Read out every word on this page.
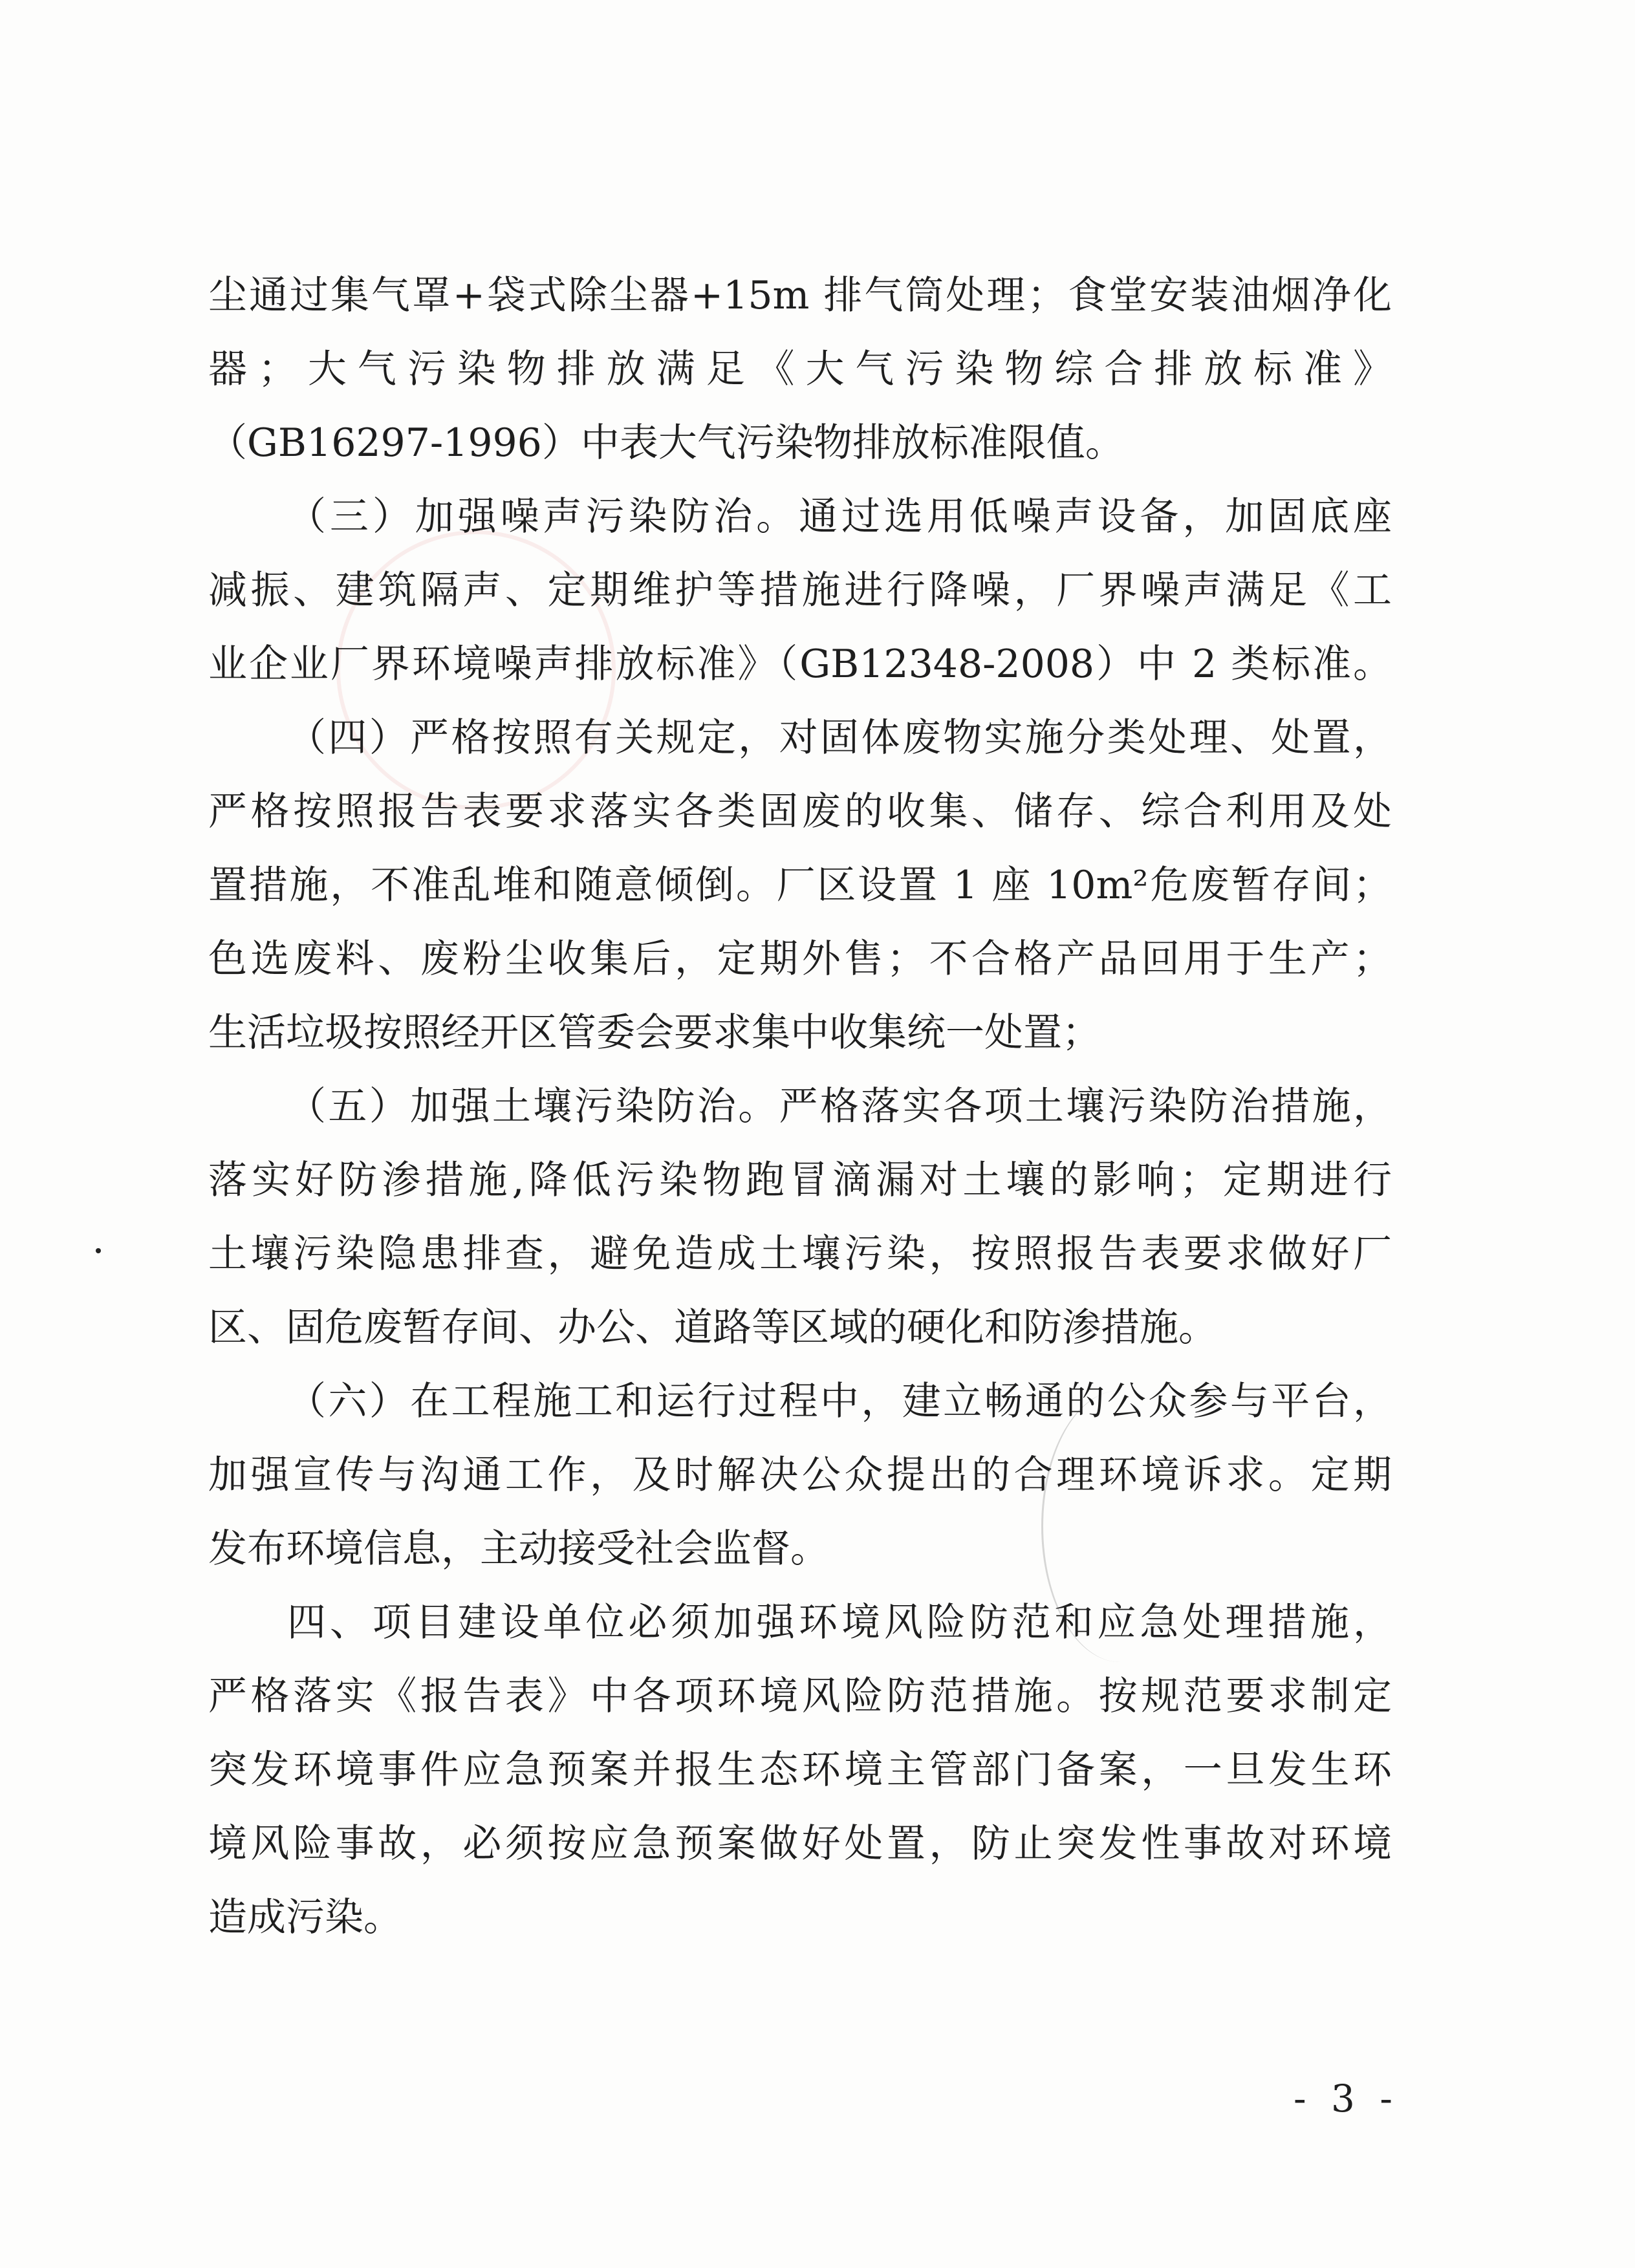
尘通过集气罩+袋式除尘器+15m 排气筒处理；食堂安装油烟净化
器；大气污染物排放满足《大气污染物综合排放标准》
（GB16297-1996）中表大气污染物排放标准限值。
（三）加强噪声污染防治。通过选用低噪声设备，加固底座
减振、建筑隔声、定期维护等措施进行降噪，厂界噪声满足《工
业企业厂界环境噪声排放标准》（GB12348-2008）中 2 类标准。
（四）严格按照有关规定，对固体废物实施分类处理、处置，
严格按照报告表要求落实各类固废的收集、储存、综合利用及处
置措施，不准乱堆和随意倾倒。厂区设置 1 座 10m²危废暂存间；
色选废料、废粉尘收集后，定期外售；不合格产品回用于生产；
生活垃圾按照经开区管委会要求集中收集统一处置；
（五）加强土壤污染防治。严格落实各项土壤污染防治措施，
落实好防渗措施,降低污染物跑冒滴漏对土壤的影响；定期进行
土壤污染隐患排查，避免造成土壤污染，按照报告表要求做好厂
区、固危废暂存间、办公、道路等区域的硬化和防渗措施。
（六）在工程施工和运行过程中，建立畅通的公众参与平台，
加强宣传与沟通工作，及时解决公众提出的合理环境诉求。定期
发布环境信息，主动接受社会监督。
四、项目建设单位必须加强环境风险防范和应急处理措施，
严格落实《报告表》中各项环境风险防范措施。按规范要求制定
突发环境事件应急预案并报生态环境主管部门备案，一旦发生环
境风险事故，必须按应急预案做好处置，防止突发性事故对环境
造成污染。
- 3 -
